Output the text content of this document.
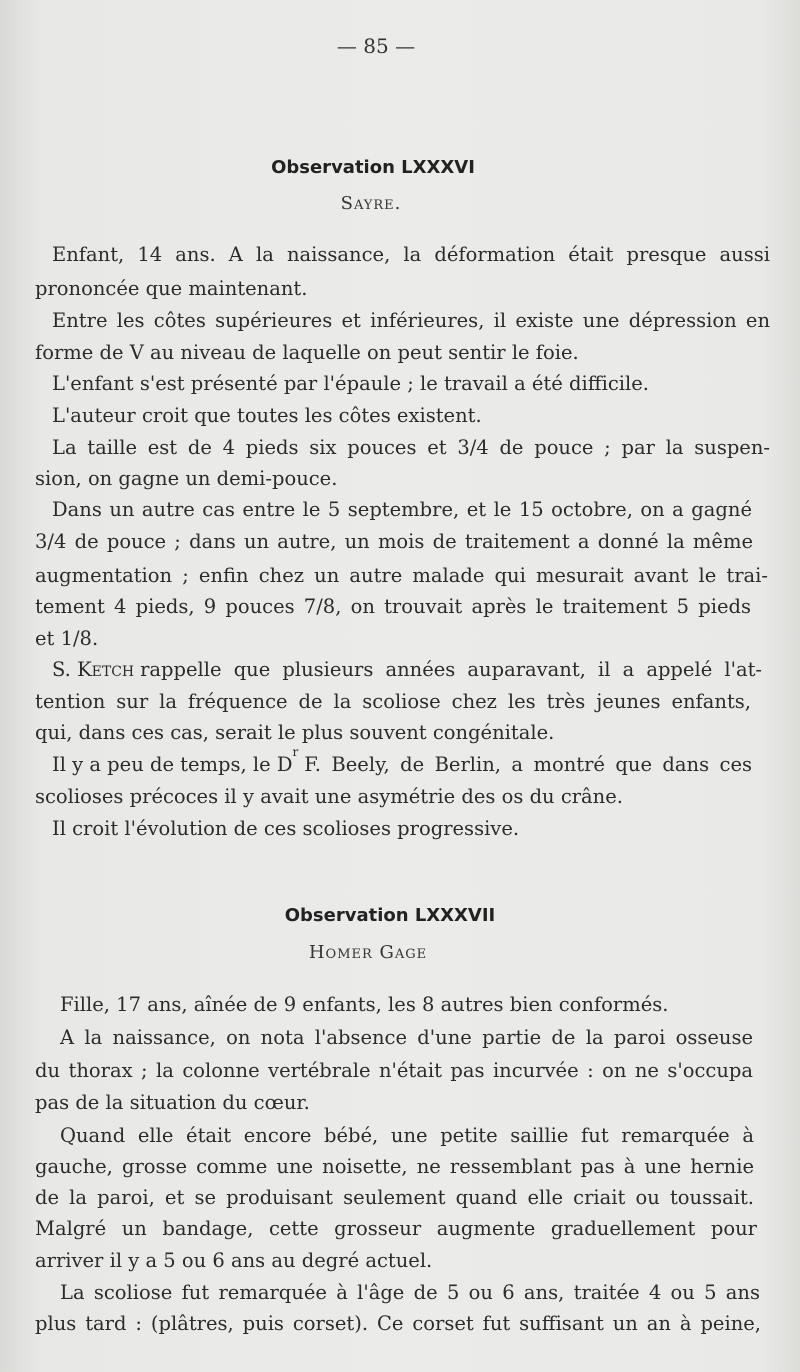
— 85 —
Observation LXXXVI
Sayre.
Enfant, 14 ans. A la naissance, la déformation était presque aussi
prononcée que maintenant.
Entre les côtes supérieures et inférieures, il existe une dépression en
forme de V au niveau de laquelle on peut sentir le foie.
L'enfant s'est présenté par l'épaule ; le travail a été difficile.
L'auteur croit que toutes les côtes existent.
La taille est de 4 pieds six pouces et 3/4 de pouce ; par la suspen-
sion, on gagne un demi-pouce.
Dans un autre cas entre le 5 septembre, et le 15 octobre, on a gagné
3/4 de pouce ; dans un autre, un mois de traitement a donné la même
augmentation ; enfin chez un autre malade qui mesurait avant le trai-
tement 4 pieds, 9 pouces 7/8, on trouvait après le traitement 5 pieds
et 1/8.
S. Ketch rappelle que plusieurs années auparavant, il a appelé l'at-
tention sur la fréquence de la scoliose chez les très jeunes enfants,
qui, dans ces cas, serait le plus souvent congénitale.
Il y a peu de temps, le D
r
F. Beely, de Berlin, a montré que dans ces
scolioses précoces il y avait une asymétrie des os du crâne.
Il croit l'évolution de ces scolioses progressive.
Observation LXXXVII
Homer Gage
Fille, 17 ans, aînée de 9 enfants, les 8 autres bien conformés.
A la naissance, on nota l'absence d'une partie de la paroi osseuse
du thorax ; la colonne vertébrale n'était pas incurvée : on ne s'occupa
pas de la situation du cœur.
Quand elle était encore bébé, une petite saillie fut remarquée à
gauche, grosse comme une noisette, ne ressemblant pas à une hernie
de la paroi, et se produisant seulement quand elle criait ou toussait.
Malgré un bandage, cette grosseur augmente graduellement pour
arriver il y a 5 ou 6 ans au degré actuel.
La scoliose fut remarquée à l'âge de 5 ou 6 ans, traitée 4 ou 5 ans
plus tard : (plâtres, puis corset). Ce corset fut suffisant un an à peine,
